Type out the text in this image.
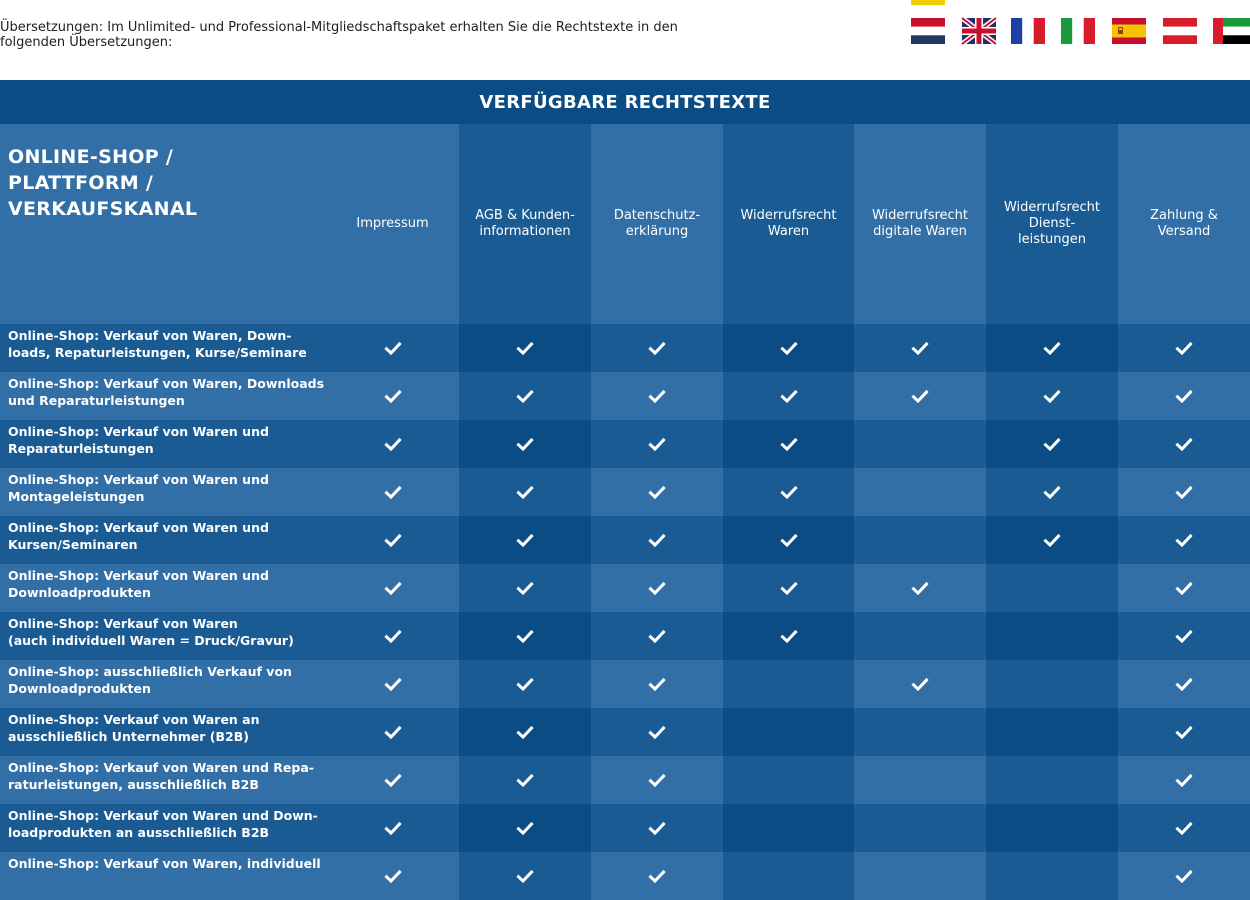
Übersetzungen: Im Unlimited- und Professional-Mitgliedschaftspaket erhalten Sie die Rechtstexte in den
folgenden Übersetzungen:
VERFÜGBARE RECHTSTEXTE
ONLINE-SHOP /
PLATTFORM /
VERKAUFSKANAL
Impressum
AGB & Kunden-
informationen
Datenschutz-
erklärung
Widerrufsrecht
Waren
Widerrufsrecht
digitale Waren
Widerrufsrecht
Dienst-
leistungen
Zahlung &
Versand
Online-Shop: Verkauf von Waren, Down-
loads, Repaturleistungen, Kurse/Seminare
Online-Shop: Verkauf von Waren, Downloads
und Reparaturleistungen
Online-Shop: Verkauf von Waren und
Reparaturleistungen
Online-Shop: Verkauf von Waren und
Montageleistungen
Online-Shop: Verkauf von Waren und
Kursen/Seminaren
Online-Shop: Verkauf von Waren und
Downloadprodukten
Online-Shop: Verkauf von Waren
(auch individuell Waren = Druck/Gravur)
Online-Shop: ausschließlich Verkauf von
Downloadprodukten
Online-Shop: Verkauf von Waren an
ausschließlich Unternehmer (B2B)
Online-Shop: Verkauf von Waren und Repa-
raturleistungen, ausschließlich B2B
Online-Shop: Verkauf von Waren und Down-
loadprodukten an ausschließlich B2B
Online-Shop: Verkauf von Waren, individuell
